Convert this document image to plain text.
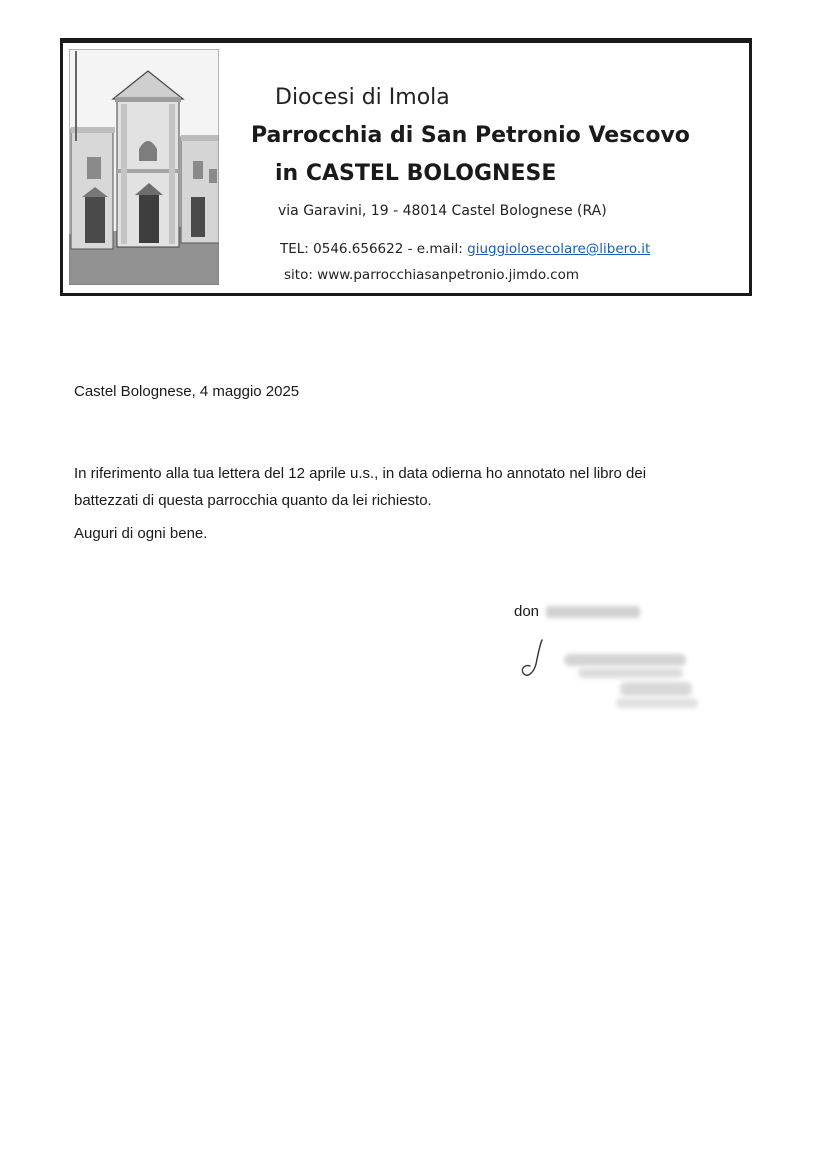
Diocesi di Imola
Parrocchia di San Petronio Vescovo
in CASTEL BOLOGNESE
via Garavini, 19 - 48014 Castel Bolognese (RA)
TEL: 0546.656622 - e.mail: giuggiolosecolare@libero.it
sito: www.parrocchiasanpetronio.jimdo.com
Castel Bolognese, 4 maggio 2025
In riferimento alla tua lettera del 12 aprile u.s., in data odierna ho annotato nel libro dei
battezzati di questa parrocchia quanto da lei richiesto.
Auguri di ogni bene.
don
